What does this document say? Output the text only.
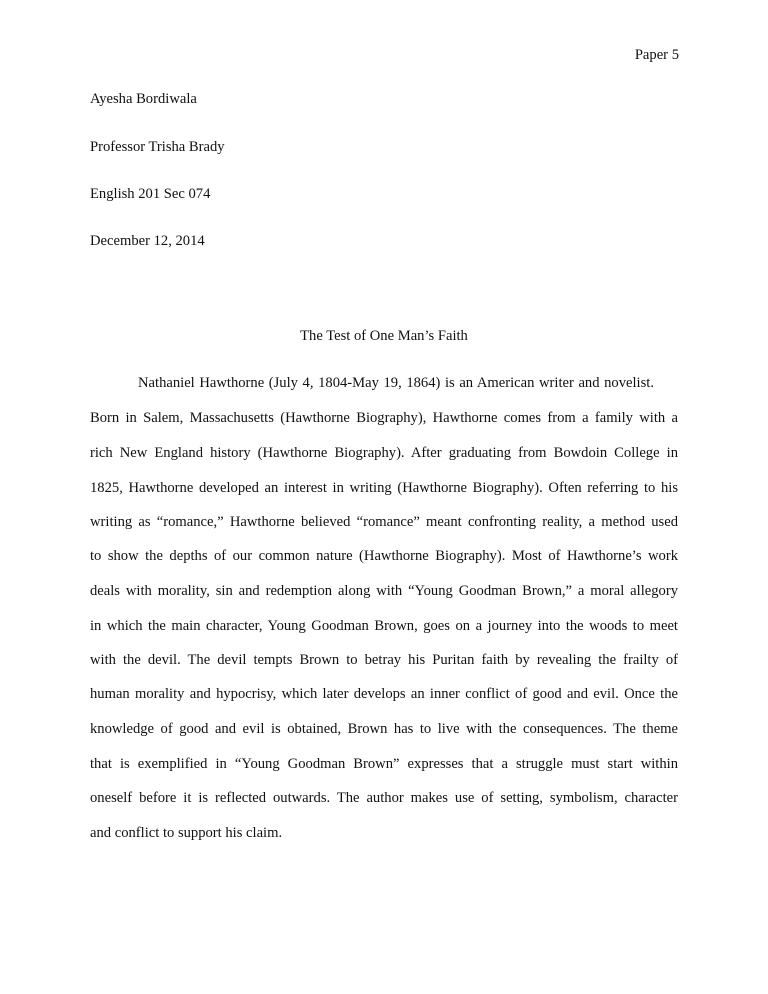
Paper 5
Ayesha Bordiwala
Professor Trisha Brady
English 201 Sec 074
December 12, 2014
The Test of One Man’s Faith
Nathaniel Hawthorne (July 4, 1804-May 19, 1864) is an American writer and novelist.
Born in Salem, Massachusetts (Hawthorne Biography), Hawthorne comes from a family with a
rich New England history (Hawthorne Biography). After graduating from Bowdoin College in
1825, Hawthorne developed an interest in writing (Hawthorne Biography). Often referring to his
writing as “romance,” Hawthorne believed “romance” meant confronting reality, a method used
to show the depths of our common nature (Hawthorne Biography). Most of Hawthorne’s work
deals with morality, sin and redemption along with “Young Goodman Brown,” a moral allegory
in which the main character, Young Goodman Brown, goes on a journey into the woods to meet
with the devil. The devil tempts Brown to betray his Puritan faith by revealing the frailty of
human morality and hypocrisy, which later develops an inner conflict of good and evil. Once the
knowledge of good and evil is obtained, Brown has to live with the consequences. The theme
that is exemplified in “Young Goodman Brown” expresses that a struggle must start within
oneself before it is reflected outwards. The author makes use of setting, symbolism, character
and conflict to support his claim.
